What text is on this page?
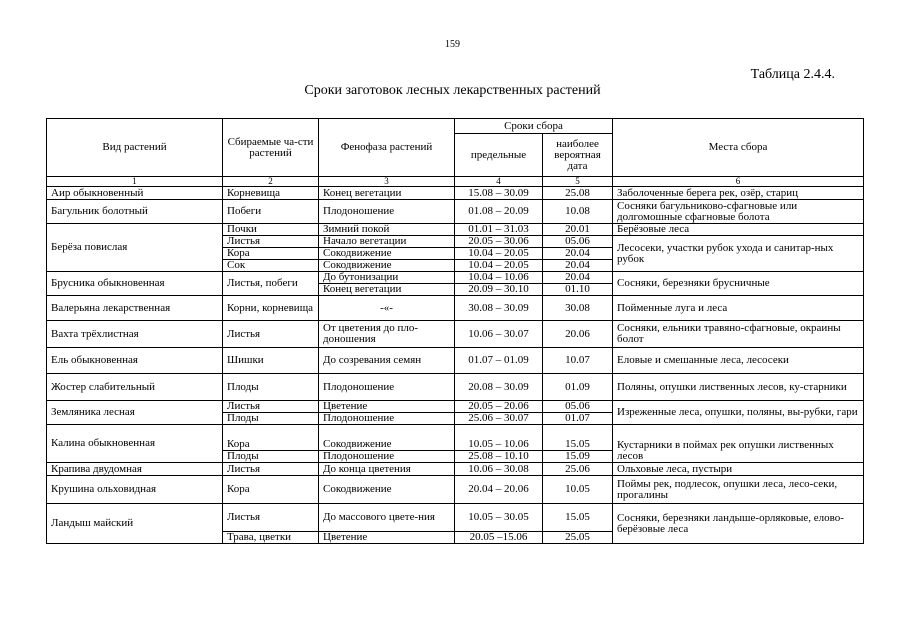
159
Таблица 2.4.4.
Сроки заготовок лесных лекарственных растений
Вид растений	Сбираемые ча-сти растений	Фенофаза растений	Сроки сбора		Места сбора
			предельные	наиболее вероятная дата	
1	2	3	4	5	6
Аир обыкновенный	Корневища	Конец вегетации	15.08 – 30.09	25.08	Заболоченные берега рек, озёр, стариц
Багульник болотный	Побеги	Плодоношение	01.08 – 20.09	10.08	Сосняки багульниково-сфагновые или долгомошные сфагновые болота
Берёза повислая	Почки	Зимний покой	01.01 – 31.03	20.01	Берёзовые леса
	Листья	Начало вегетации	20.05 – 30.06	05.06	Лесосеки, участки рубок ухода и санитар-ных рубок
	Кора	Сокодвижение	10.04 – 20.05	20.04	
	Сок	Сокодвижение	10.04 – 20.05	20.04	
Брусника обыкновенная	Листья, побеги	До бутонизации	10.04 – 10.06	20.04	Сосняки, березняки брусничные
		Конец вегетации	20.09 – 30.10	01.10	
Валерьяна лекарственная	Корни, корневища	-«-	30.08 – 30.09	30.08	Пойменные луга и леса
Вахта трёхлистная	Листья	От цветения до пло-доношения	10.06 – 30.07	20.06	Сосняки, ельники травяно-сфагновые, окраины болот
Ель обыкновенная	Шишки	До созревания семян	01.07 – 01.09	10.07	Еловые и смешанные леса, лесосеки
Жостер слабительный	Плоды	Плодоношение	20.08 – 30.09	01.09	Поляны, опушки лиственных лесов, ку-старники
Земляника лесная	Листья	Цветение	20.05 – 20.06	05.06	Изреженные леса, опушки, поляны, вы-рубки, гари
	Плоды	Плодоношение	25.06 – 30.07	01.07	
Калина обыкновенная	Кора	Сокодвижение	10.05 – 10.06	15.05	Кустарники в поймах рек опушки лиственных лесов
	Плоды	Плодоношение	25.08 – 10.10	15.09	
Крапива двудомная	Листья	До конца цветения	10.06 – 30.08	25.06	Ольховые леса, пустыри
Крушина ольховидная	Кора	Сокодвижение	20.04 – 20.06	10.05	Поймы рек, подлесок, опушки леса, лесо-секи, прогалины
Ландыш майский	Листья	До массового цвете-ния	10.05 – 30.05	15.05	Сосняки, березняки ландыше-орляковые, елово-берёзовые леса
	Трава, цветки	Цветение	20.05 –15.06	25.05	
